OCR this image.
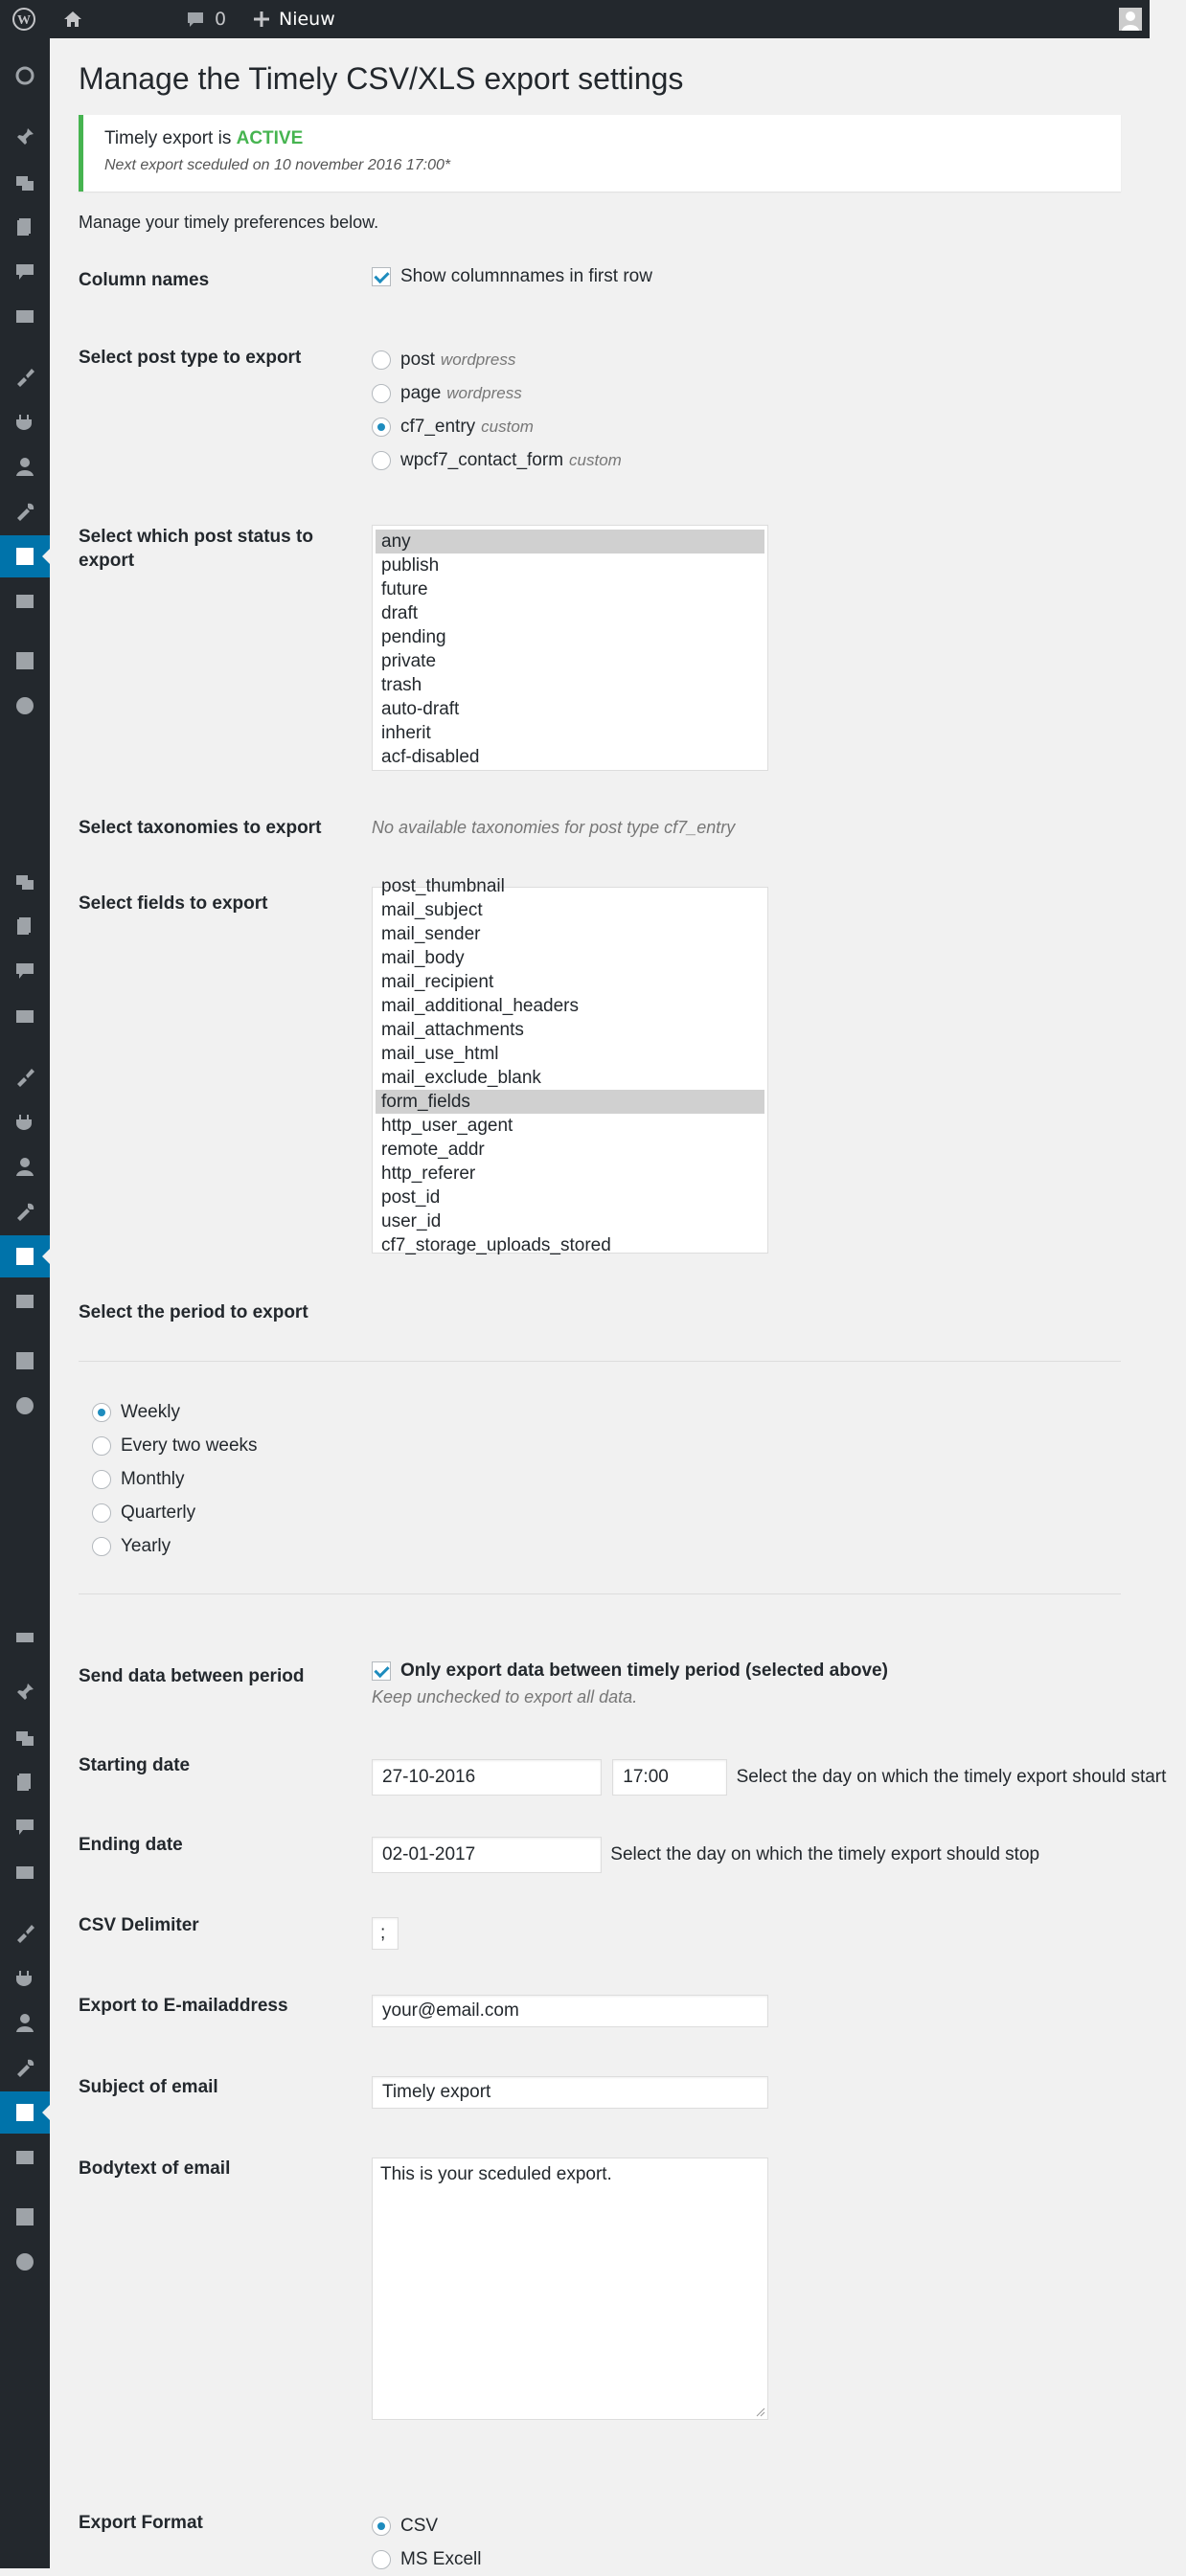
W	0	Nieuw
Manage the Timely CSV/XLS export settings
Timely export is ACTIVE
Next export sceduled on 10 november 2016 17:00*
Manage your timely preferences below.
Column names	Show columnnames in first row
Select post type to export	post wordpress
page wordpress
cf7_entry custom
wpcf7_contact_form custom
Select which post status to export
any
publish
future
draft
pending
private
trash
auto-draft
inherit
acf-disabled
Select taxonomies to export	No available taxonomies for post type cf7_entry
Select fields to export
post_thumbnail
mail_subject
mail_sender
mail_body
mail_recipient
mail_additional_headers
mail_attachments
mail_use_html
mail_exclude_blank
form_fields
http_user_agent
remote_addr
http_referer
post_id
user_id
cf7_storage_uploads_stored
Select the period to export
Weekly
Every two weeks
Monthly
Quarterly
Yearly
Send data between period	Only export data between timely period (selected above)
Keep unchecked to export all data.
Starting date
27-10-2016	17:00	Select the day on which the timely export should start
Ending date	02-01-2017	Select the day on which the timely export should stop
CSV Delimiter	;
Export to E-mailaddress	your@email.com
Subject of email	Timely export
Bodytext of email	This is your sceduled export.
Export Format	CSV
MS Excell
